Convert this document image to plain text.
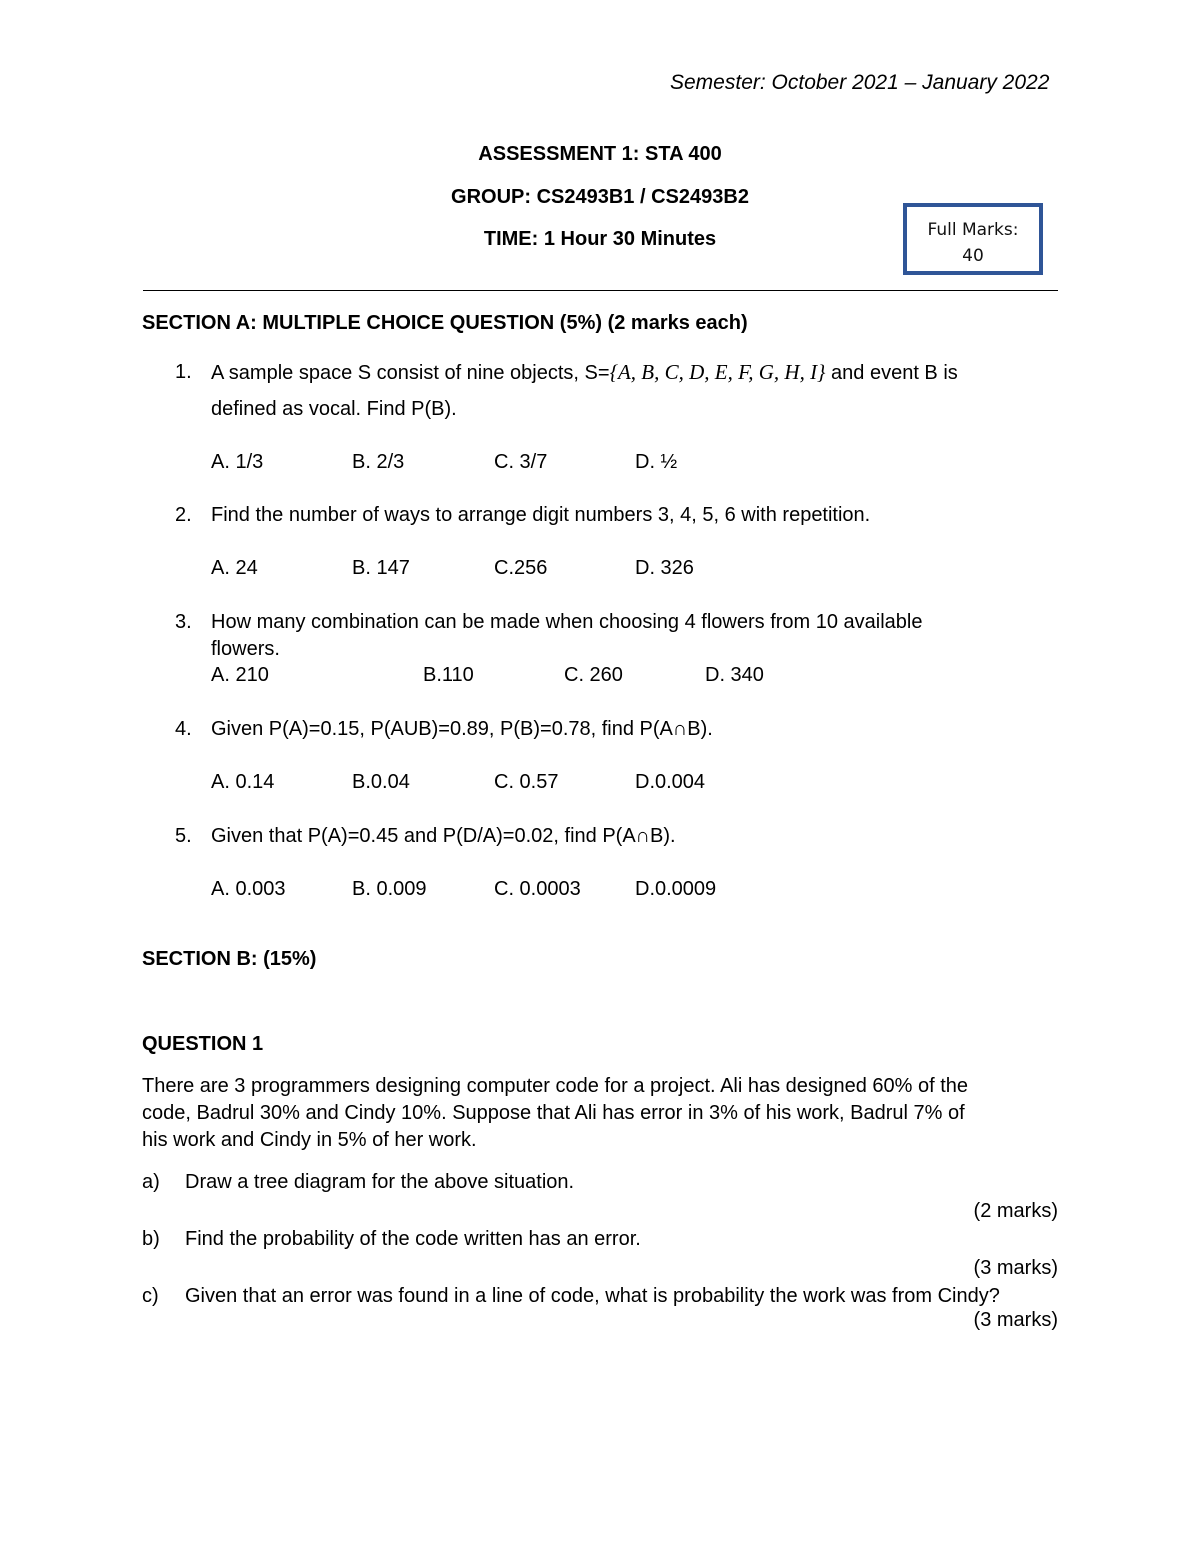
Semester: October 2021 – January 2022
ASSESSMENT 1: STA 400
GROUP: CS2493B1 / CS2493B2
TIME: 1 Hour 30 Minutes	Full Marks:
40
SECTION A: MULTIPLE CHOICE QUESTION (5%) (2 marks each)
1. A sample space S consist of nine objects, S={A, B, C, D, E, F, G, H, I} and event B is
defined as vocal. Find P(B).
A. 1/3	B. 2/3	C. 3/7	D. ½
2. Find the number of ways to arrange digit numbers 3, 4, 5, 6 with repetition.
A. 24	B. 147	C.256	D. 326
3. How many combination can be made when choosing 4 flowers from 10 available
flowers.
A. 210	B.110	C. 260	D. 340
4. Given P(A)=0.15, P(AUB)=0.89, P(B)=0.78, find P(A∩B).
A. 0.14	B.0.04	C. 0.57	D.0.004
5. Given that P(A)=0.45 and P(D/A)=0.02, find P(A∩B).
A. 0.003	B. 0.009	C. 0.0003	D.0.0009
SECTION B: (15%)
QUESTION 1
There are 3 programmers designing computer code for a project. Ali has designed 60% of the
code, Badrul 30% and Cindy 10%. Suppose that Ali has error in 3% of his work, Badrul 7% of
his work and Cindy in 5% of her work.
a) Draw a tree diagram for the above situation.
(2 marks)
b) Find the probability of the code written has an error.
(3 marks)
c) Given that an error was found in a line of code, what is probability the work was from Cindy?
(3 marks)
